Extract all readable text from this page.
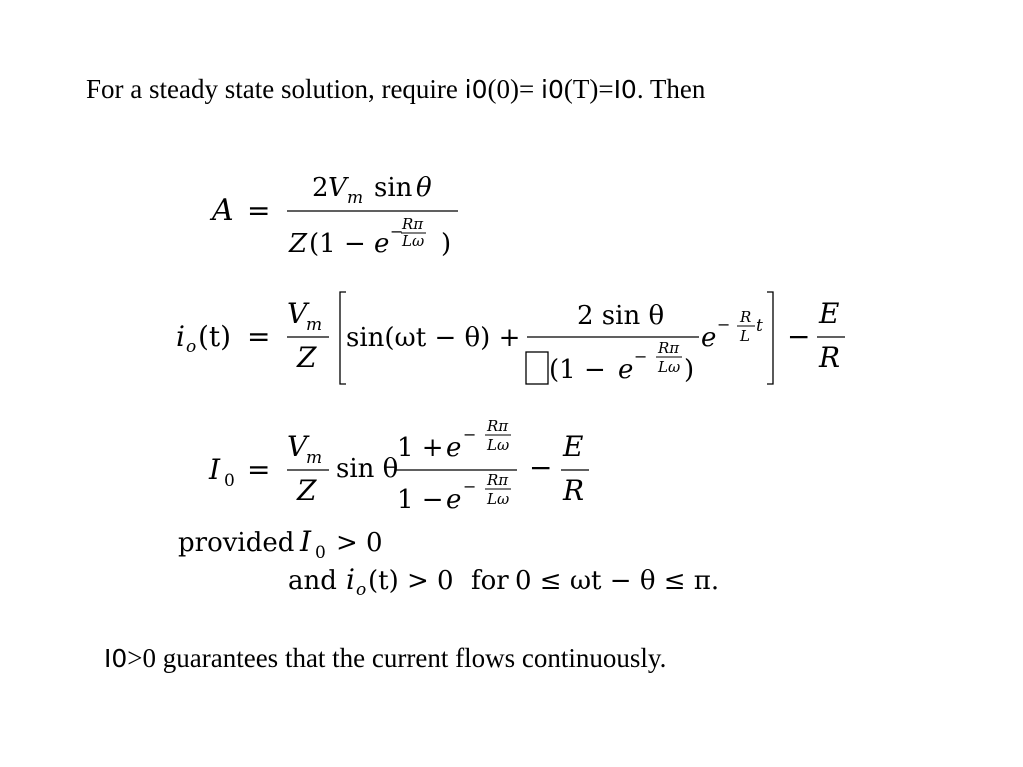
For a steady state solution, require i0(0)= i0(T)=I0. Then
A =
2 V m sin θ
Z (1 − e −
Rπ
Lω )
i o (t) =
V
m
Z
sin(ωt − θ) +
2 sin θ
(1 − e − Rπ
Lω )
e − R
L t −
E
R
I 0 =
V
m
Z
sin θ
1 + e − Rπ
Lω
1 − e − Rπ
Lω
−
E
R
provided I 0 > 0
and i o (t) > 0 for 0 ≤ ωt − θ ≤ π.
I0>0 guarantees that the current flows continuously.
